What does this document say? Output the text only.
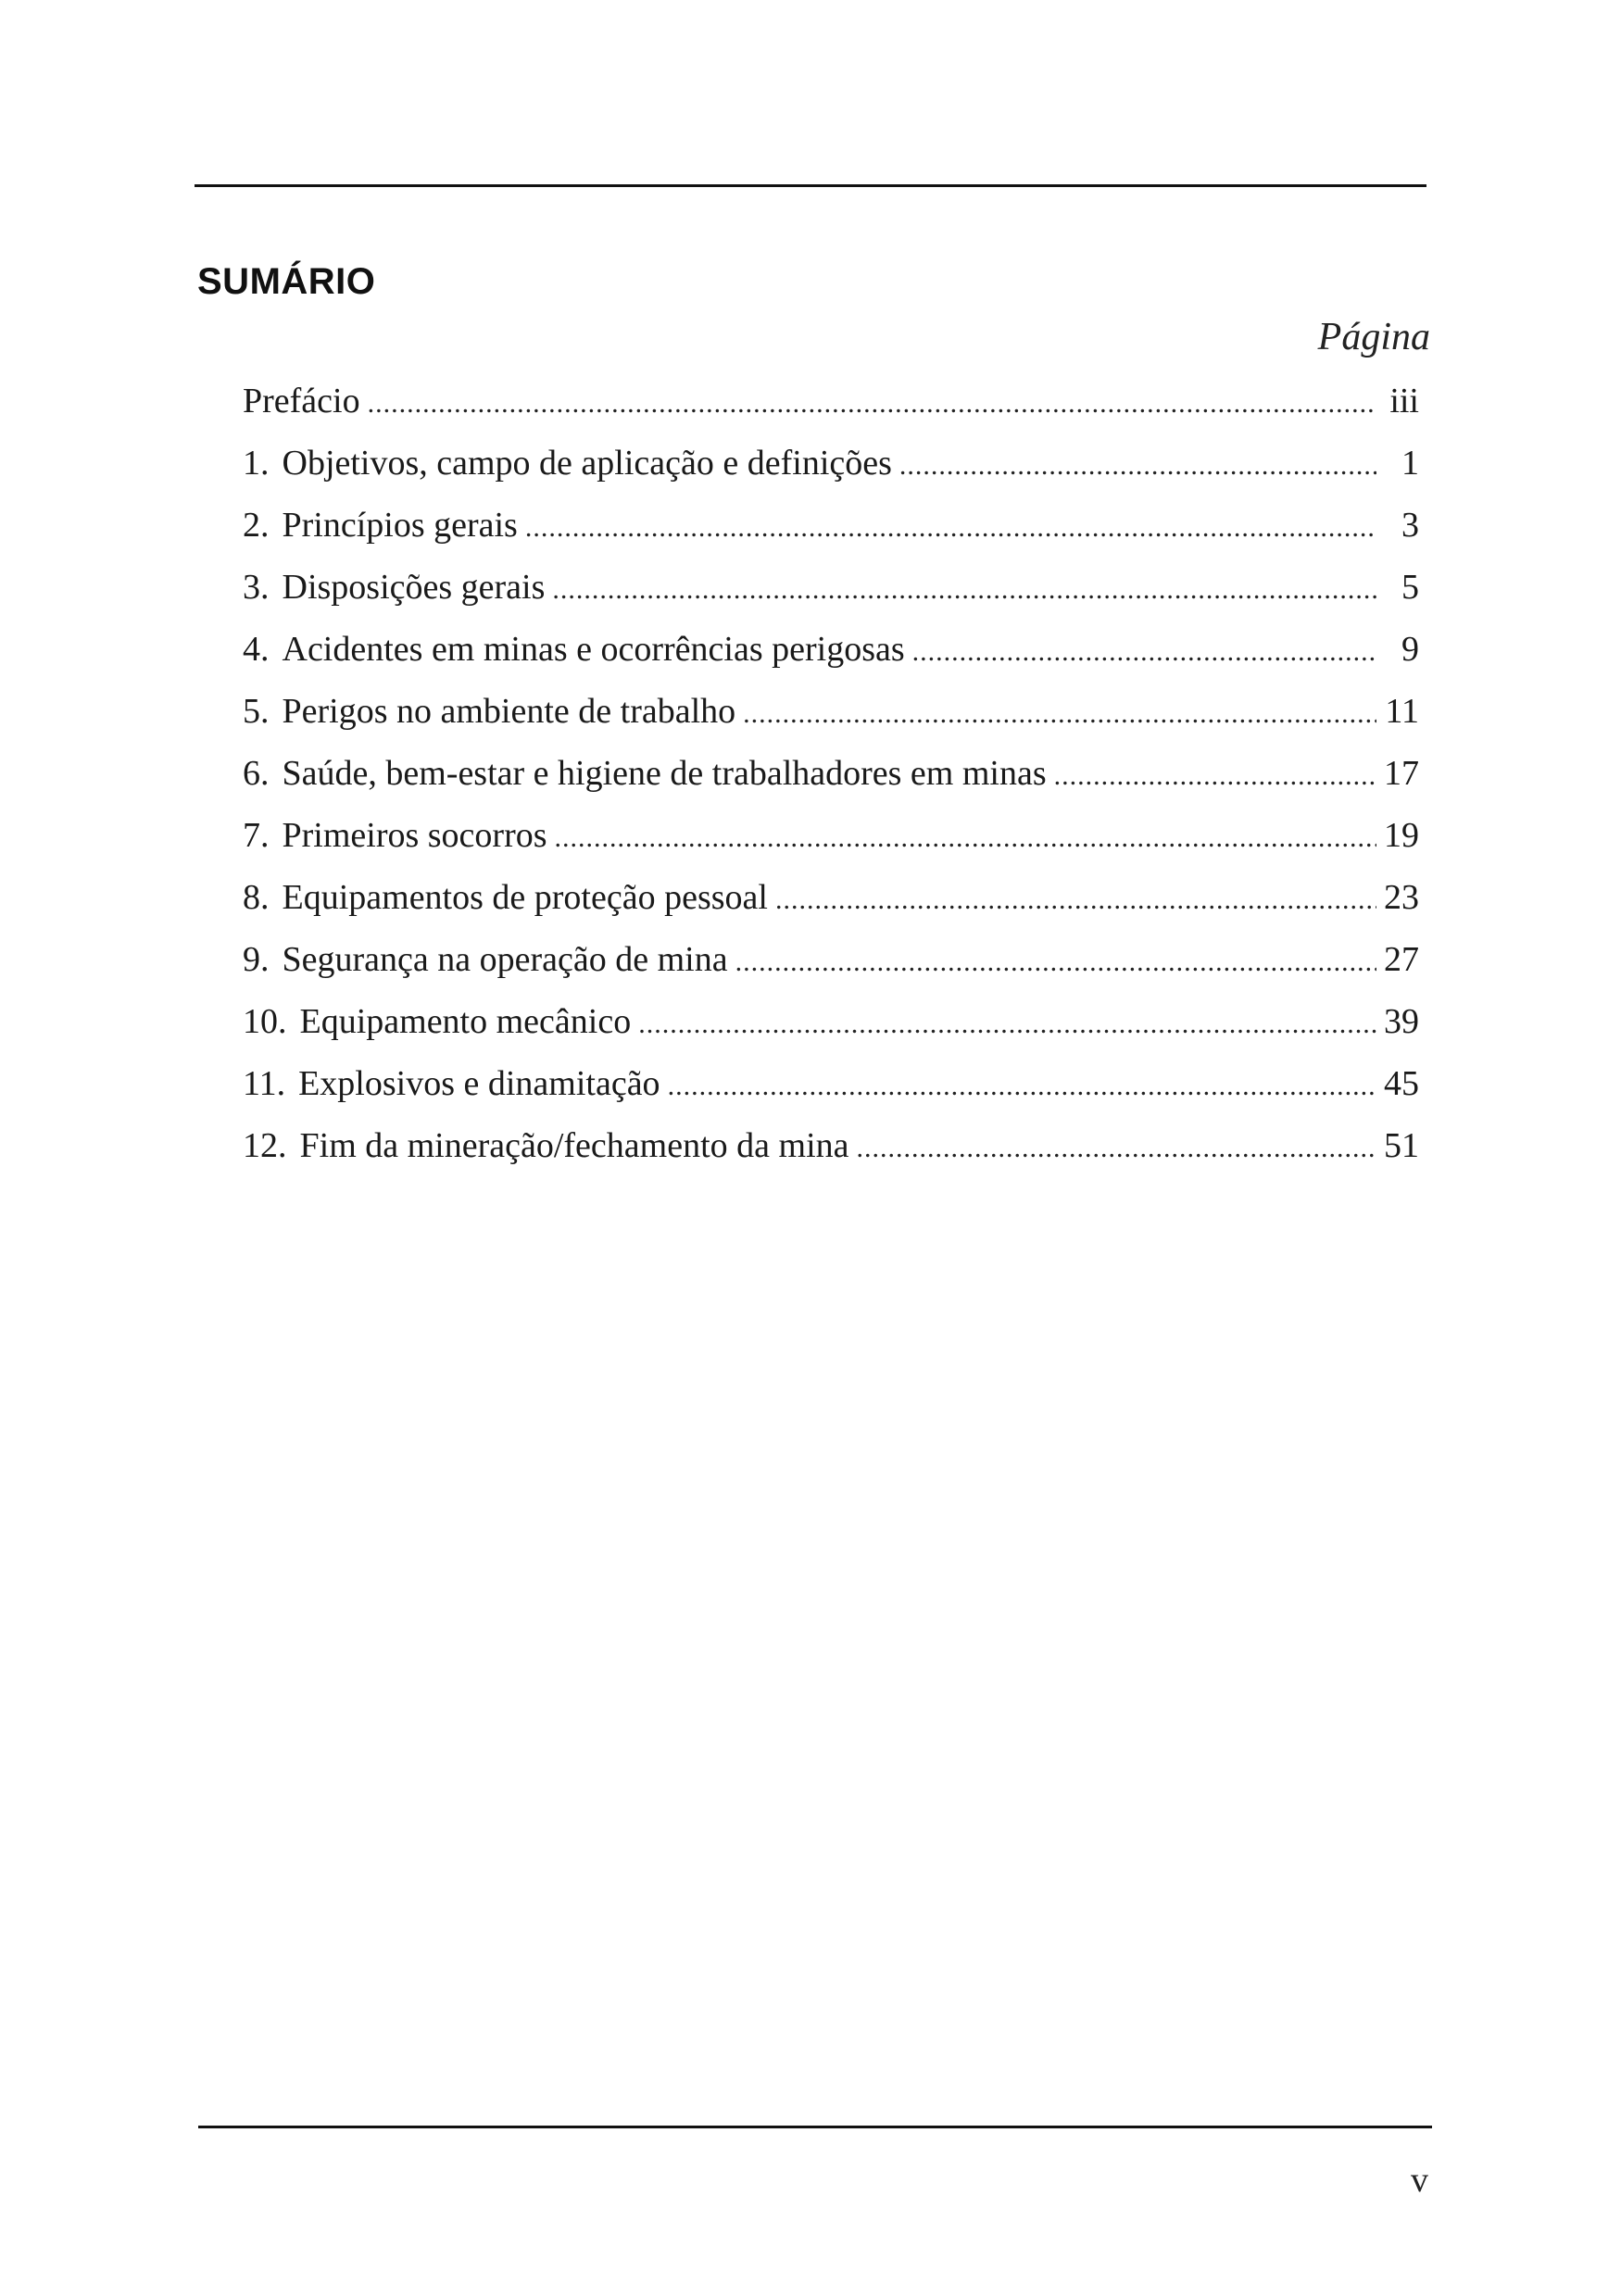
SUMÁRIO
Página
Prefácio .....	iii
1. Objetivos, campo de aplicação e definições .....	1
2. Princípios gerais .....	3
3. Disposições gerais .....	5
4. Acidentes em minas e ocorrências perigosas .....	9
5. Perigos no ambiente de trabalho .....	11
6. Saúde, bem-estar e higiene de trabalhadores em minas .....	17
7. Primeiros socorros .....	19
8. Equipamentos de proteção pessoal .....	23
9. Segurança na operação de mina .....	27
10. Equipamento mecânico .....	39
11. Explosivos e dinamitação .....	45
12. Fim da mineração/fechamento da mina .....	51
v
